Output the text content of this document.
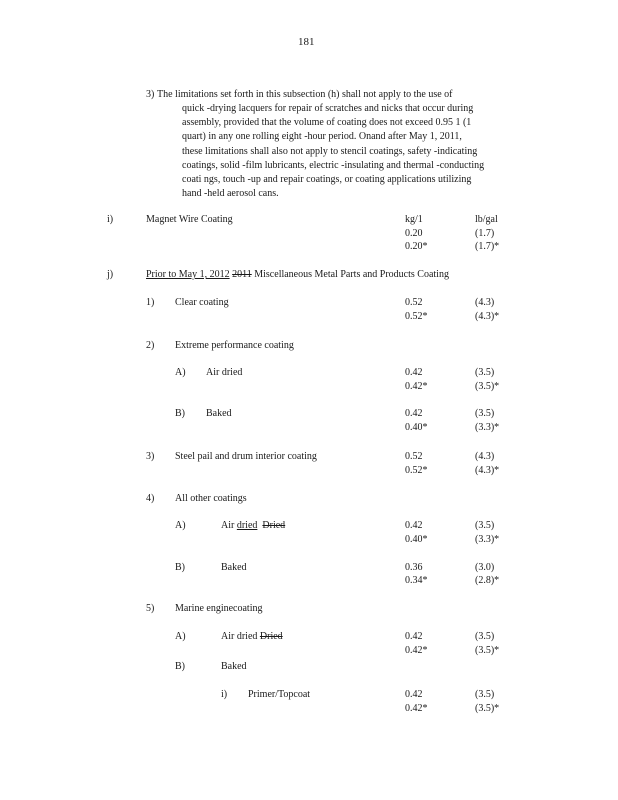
181
3) The limitations set forth in this subsection (h) shall not apply to the use of
quick -drying lacquers for repair of scratches and nicks that occur during
assembly, provided that the volume of coating does not exceed 0.95 1 (1
quart) in any one rolling eight -hour period. Onand after May 1, 2011,
these limitations shall also not apply to stencil coatings, safety -indicating
coatings, solid -film lubricants, electric -insulating and thermal -conducting
coati ngs, touch -up and repair coatings, or coating applications utilizing
hand -held aerosol cans.
i)	Magnet Wire Coating	kg/1	lb/gal
0.20	(1.7)
0.20*	(1.7)*
j)	Prior to May 1, 2012 2011 Miscellaneous Metal Parts and Products Coating
1) Clear coating	0.52	(4.3)
0.52*	(4.3)*
2) Extreme performance coating
A) Air dried	0.42	(3.5)
0.42*	(3.5)*
B) Baked	0.42	(3.5)
0.40*	(3.3)*
3) Steel pail and drum interior coating	0.52	(4.3)
0.52*	(4.3)*
4) All other coatings
A)	Air dried Dried	0.42	(3.5)
0.40*	(3.3)*
B)	Baked	0.36	(3.0)
0.34*	(2.8)*
5) Marine enginecoating
A)	Air dried Dried	0.42	(3.5)
0.42*	(3.5)*
B)	Baked
i) Primer/Topcoat	0.42	(3.5)
0.42*	(3.5)*
